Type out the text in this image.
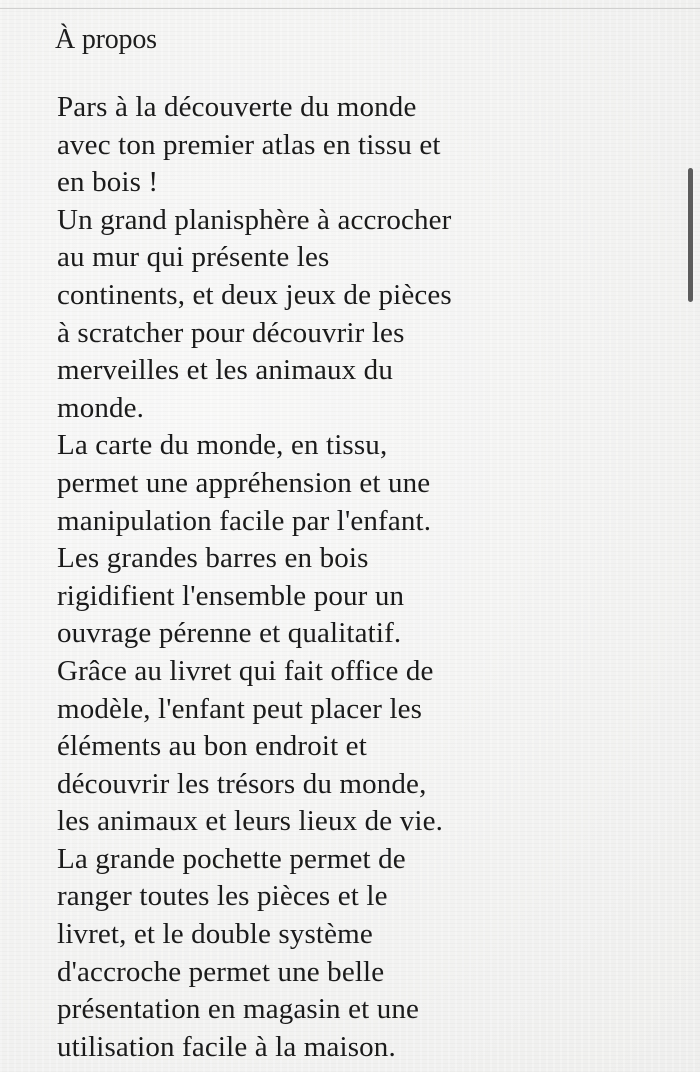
À propos
Pars à la découverte du monde
avec ton premier atlas en tissu et
en bois !
Un grand planisphère à accrocher
au mur qui présente les
continents, et deux jeux de pièces
à scratcher pour découvrir les
merveilles et les animaux du
monde.
La carte du monde, en tissu,
permet une appréhension et une
manipulation facile par l'enfant.
Les grandes barres en bois
rigidifient l'ensemble pour un
ouvrage pérenne et qualitatif.
Grâce au livret qui fait office de
modèle, l'enfant peut placer les
éléments au bon endroit et
découvrir les trésors du monde,
les animaux et leurs lieux de vie.
La grande pochette permet de
ranger toutes les pièces et le
livret, et le double système
d'accroche permet une belle
présentation en magasin et une
utilisation facile à la maison.
